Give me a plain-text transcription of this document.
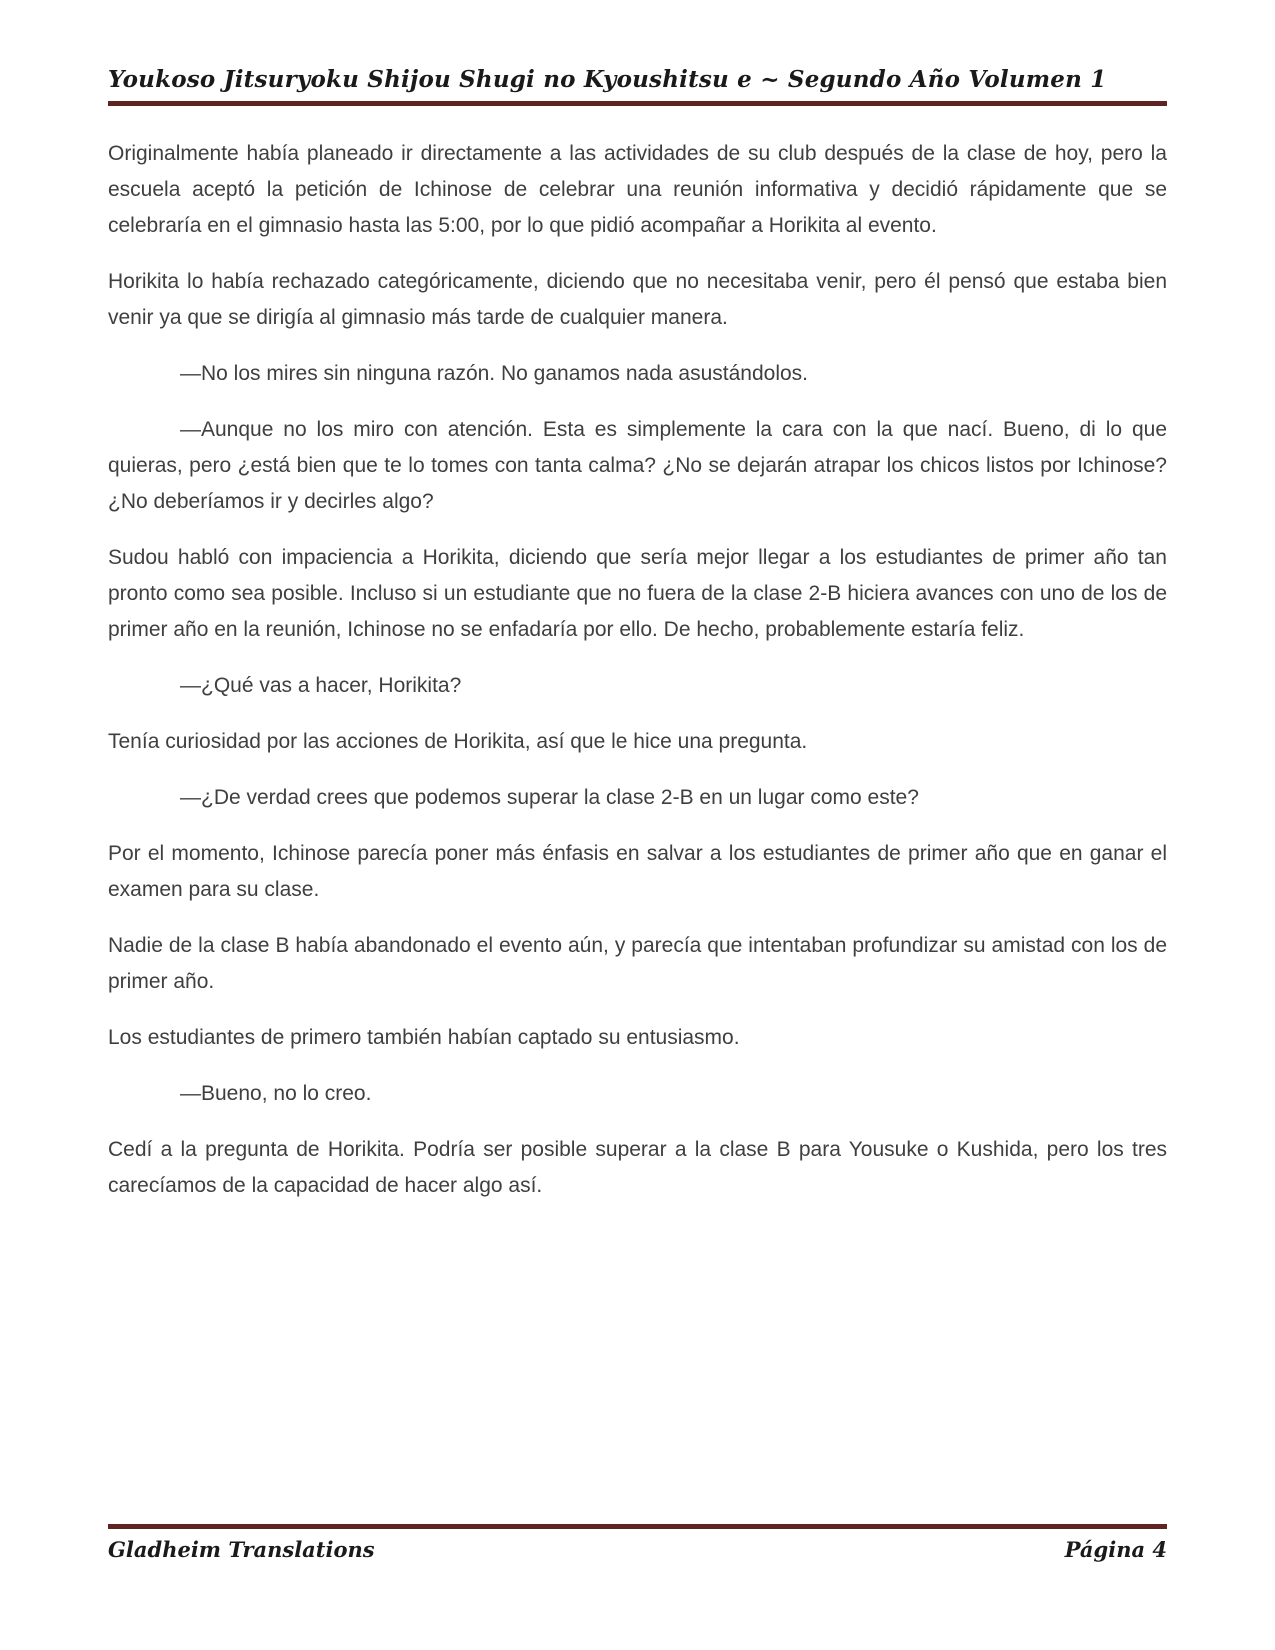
Youkoso Jitsuryoku Shijou Shugi no Kyoushitsu e ~ Segundo Año Volumen 1

Originalmente había planeado ir directamente a las actividades de su club después de la clase de hoy, pero la escuela aceptó la petición de Ichinose de celebrar una reunión informativa y decidió rápidamente que se celebraría en el gimnasio hasta las 5:00, por lo que pidió acompañar a Horikita al evento.

Horikita lo había rechazado categóricamente, diciendo que no necesitaba venir, pero él pensó que estaba bien venir ya que se dirigía al gimnasio más tarde de cualquier manera.

—No los mires sin ninguna razón. No ganamos nada asustándolos.

—Aunque no los miro con atención. Esta es simplemente la cara con la que nací. Bueno, di lo que quieras, pero ¿está bien que te lo tomes con tanta calma? ¿No se dejarán atrapar los chicos listos por Ichinose? ¿No deberíamos ir y decirles algo?

Sudou habló con impaciencia a Horikita, diciendo que sería mejor llegar a los estudiantes de primer año tan pronto como sea posible. Incluso si un estudiante que no fuera de la clase 2-B hiciera avances con uno de los de primer año en la reunión, Ichinose no se enfadaría por ello. De hecho, probablemente estaría feliz.

—¿Qué vas a hacer, Horikita?

Tenía curiosidad por las acciones de Horikita, así que le hice una pregunta.

—¿De verdad crees que podemos superar la clase 2-B en un lugar como este?

Por el momento, Ichinose parecía poner más énfasis en salvar a los estudiantes de primer año que en ganar el examen para su clase.

Nadie de la clase B había abandonado el evento aún, y parecía que intentaban profundizar su amistad con los de primer año.

Los estudiantes de primero también habían captado su entusiasmo.

—Bueno, no lo creo.

Cedí a la pregunta de Horikita. Podría ser posible superar a la clase B para Yousuke o Kushida, pero los tres carecíamos de la capacidad de hacer algo así.

Gladheim Translations	Página 4
